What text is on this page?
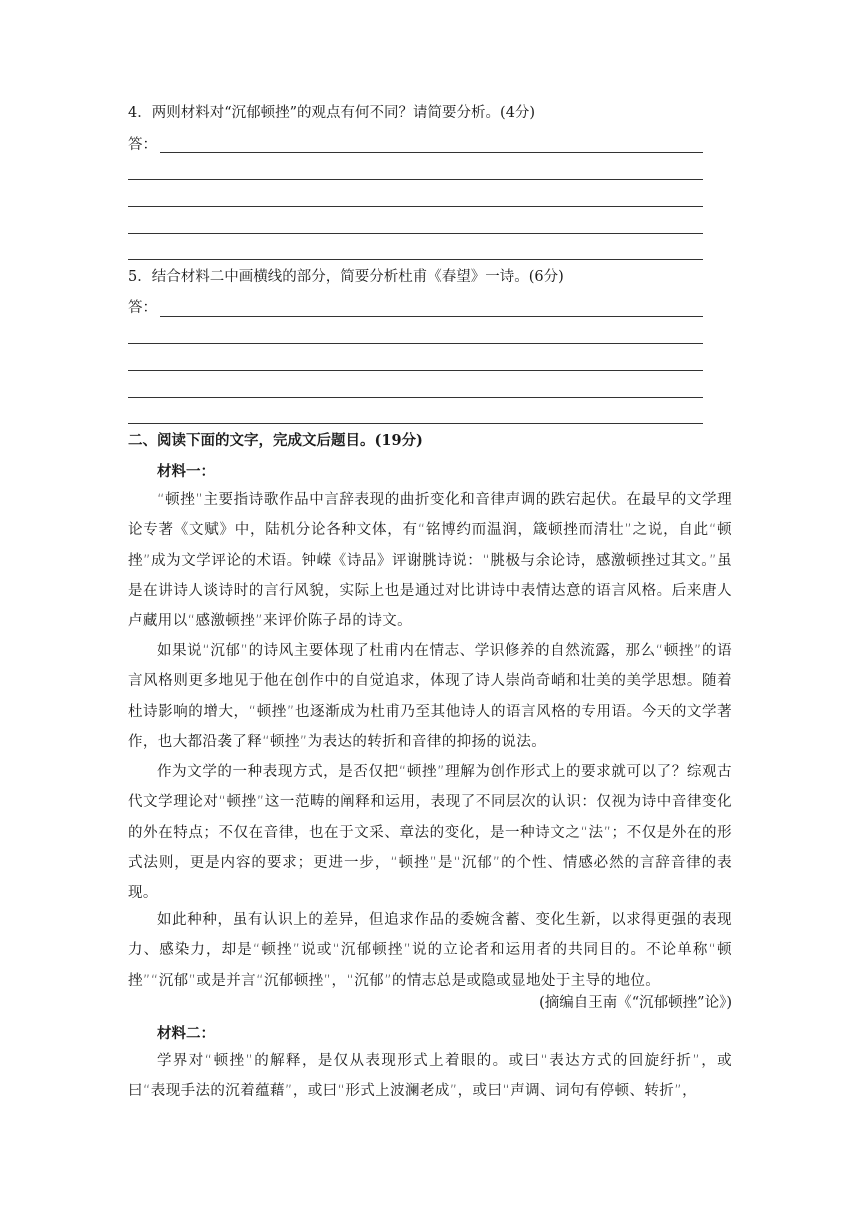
4．两则材料对“沉郁顿挫”的观点有何不同？请简要分析。(4分)
答：
5．结合材料二中画横线的部分，简要分析杜甫《春望》一诗。(6分)
答：
二、阅读下面的文字，完成文后题目。(19分)
材料一：

“顿挫”主要指诗歌作品中言辞表现的曲折变化和音律声调的跌宕起伏。在最早的文学理论专著《文赋》中，陆机分论各种文体，有“铭博约而温润，箴顿挫而清壮”之说，自此“顿挫”成为文学评论的术语。钟嵘《诗品》评谢朓诗说：“朓极与余论诗，感激顿挫过其文。”虽是在讲诗人谈诗时的言行风貌，实际上也是通过对比讲诗中表情达意的语言风格。后来唐人卢藏用以“感激顿挫”来评价陈子昂的诗文。

如果说“沉郁”的诗风主要体现了杜甫内在情志、学识修养的自然流露，那么“顿挫”的语言风格则更多地见于他在创作中的自觉追求，体现了诗人崇尚奇峭和壮美的美学思想。随着杜诗影响的增大，“顿挫”也逐渐成为杜甫乃至其他诗人的语言风格的专用语。今天的文学著作，也大都沿袭了释“顿挫”为表达的转折和音律的抑扬的说法。

作为文学的一种表现方式，是否仅把“顿挫”理解为创作形式上的要求就可以了？综观古代文学理论对“顿挫”这一范畴的阐释和运用，表现了不同层次的认识：仅视为诗中音律变化的外在特点；不仅在音律，也在于文采、章法的变化，是一种诗文之“法”；不仅是外在的形式法则，更是内容的要求；更进一步，“顿挫”是“沉郁”的个性、情感必然的言辞音律的表现。

如此种种，虽有认识上的差异，但追求作品的委婉含蓄、变化生新，以求得更强的表现力、感染力，却是“顿挫”说或“沉郁顿挫”说的立论者和运用者的共同目的。不论单称“顿挫”“沉郁”或是并言“沉郁顿挫”，“沉郁”的情志总是或隐或显地处于主导的地位。

(摘编自王南《“沉郁顿挫”论》)
材料二：

学界对“顿挫”的解释，是仅从表现形式上着眼的。或曰“表达方式的回旋纡折”，或曰“表现手法的沉着蕴藉”，或曰“形式上波澜老成”，或曰“声调、词句有停顿、转折”，
